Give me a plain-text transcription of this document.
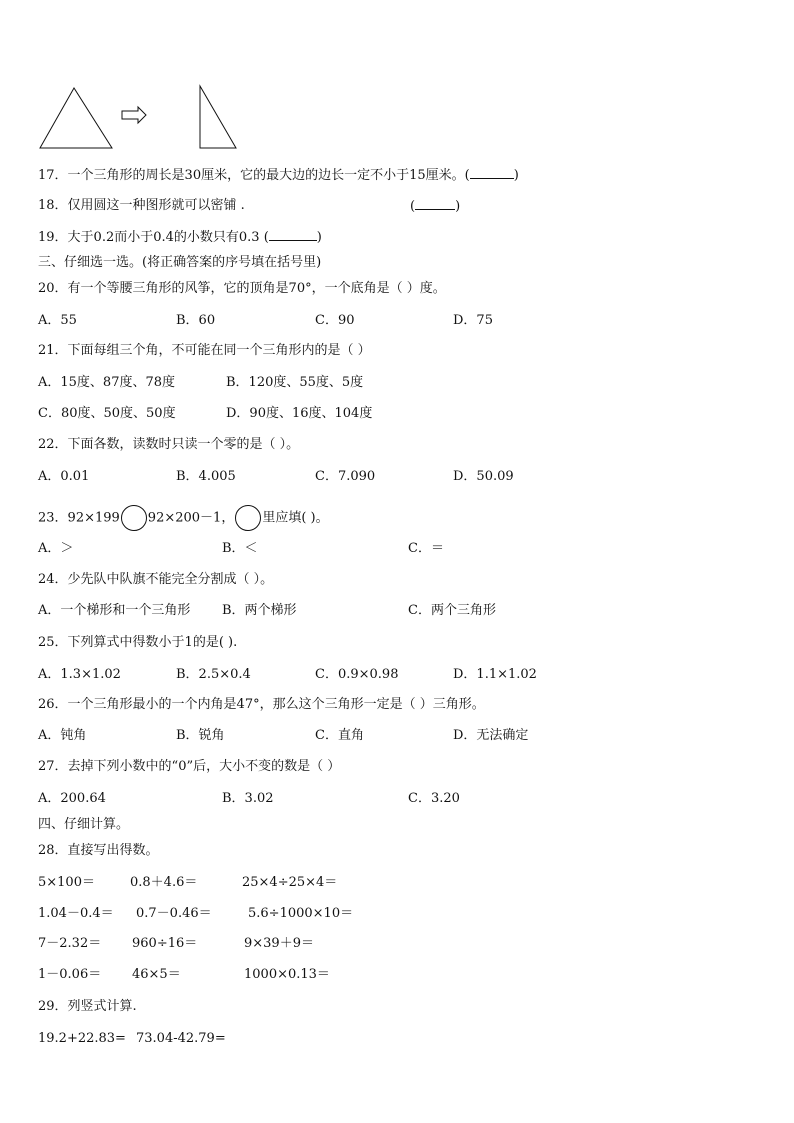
17．一个三角形的周长是30厘米，它的最大边的边长一定不小于15厘米。(	)
18．仅用圆这一种图形就可以密铺 .	(	)
19．大于0.2而小于0.4的小数只有0.3 (	)
三、仔细选一选。(将正确答案的序号填在括号里)
20．有一个等腰三角形的风筝，它的顶角是70°，一个底角是（ ）度。
A．55	B．60	C．90	D．75
21．下面每组三个角，不可能在同一个三角形内的是（ ）
A．15度、87度、78度	B．120度、55度、5度
C．80度、50度、50度	D．90度、16度、104度
22．下面各数，读数时只读一个零的是（ ）。
A．0.01	B．4.005	C．7.090	D．50.09
23．92×199 92×200－1， 里应填( )。
A．＞	B．＜	C．＝
24．少先队中队旗不能完全分割成（ ）。
A．一个梯形和一个三角形 B．两个梯形	C．两个三角形
25．下列算式中得数小于1的是( ).
A．1.3×1.02	B．2.5×0.4	C．0.9×0.98	D．1.1×1.02
26．一个三角形最小的一个内角是47°，那么这个三角形一定是（ ）三角形。
A．钝角	B．锐角	C．直角	D．无法确定
27．去掉下列小数中的“0”后，大小不变的数是（ ）
A．200.64	B．3.02	C．3.20
四、仔细计算。
28．直接写出得数。
5×100＝	0.8＋4.6＝	25×4÷25×4＝
1.04－0.4＝ 0.7－0.46＝	5.6÷1000×10＝
7－2.32＝ 960÷16＝	9×39＋9＝
1－0.06＝ 46×5＝	1000×0.13＝
29．列竖式计算.
19.2+22.83= 73.04-42.79=
